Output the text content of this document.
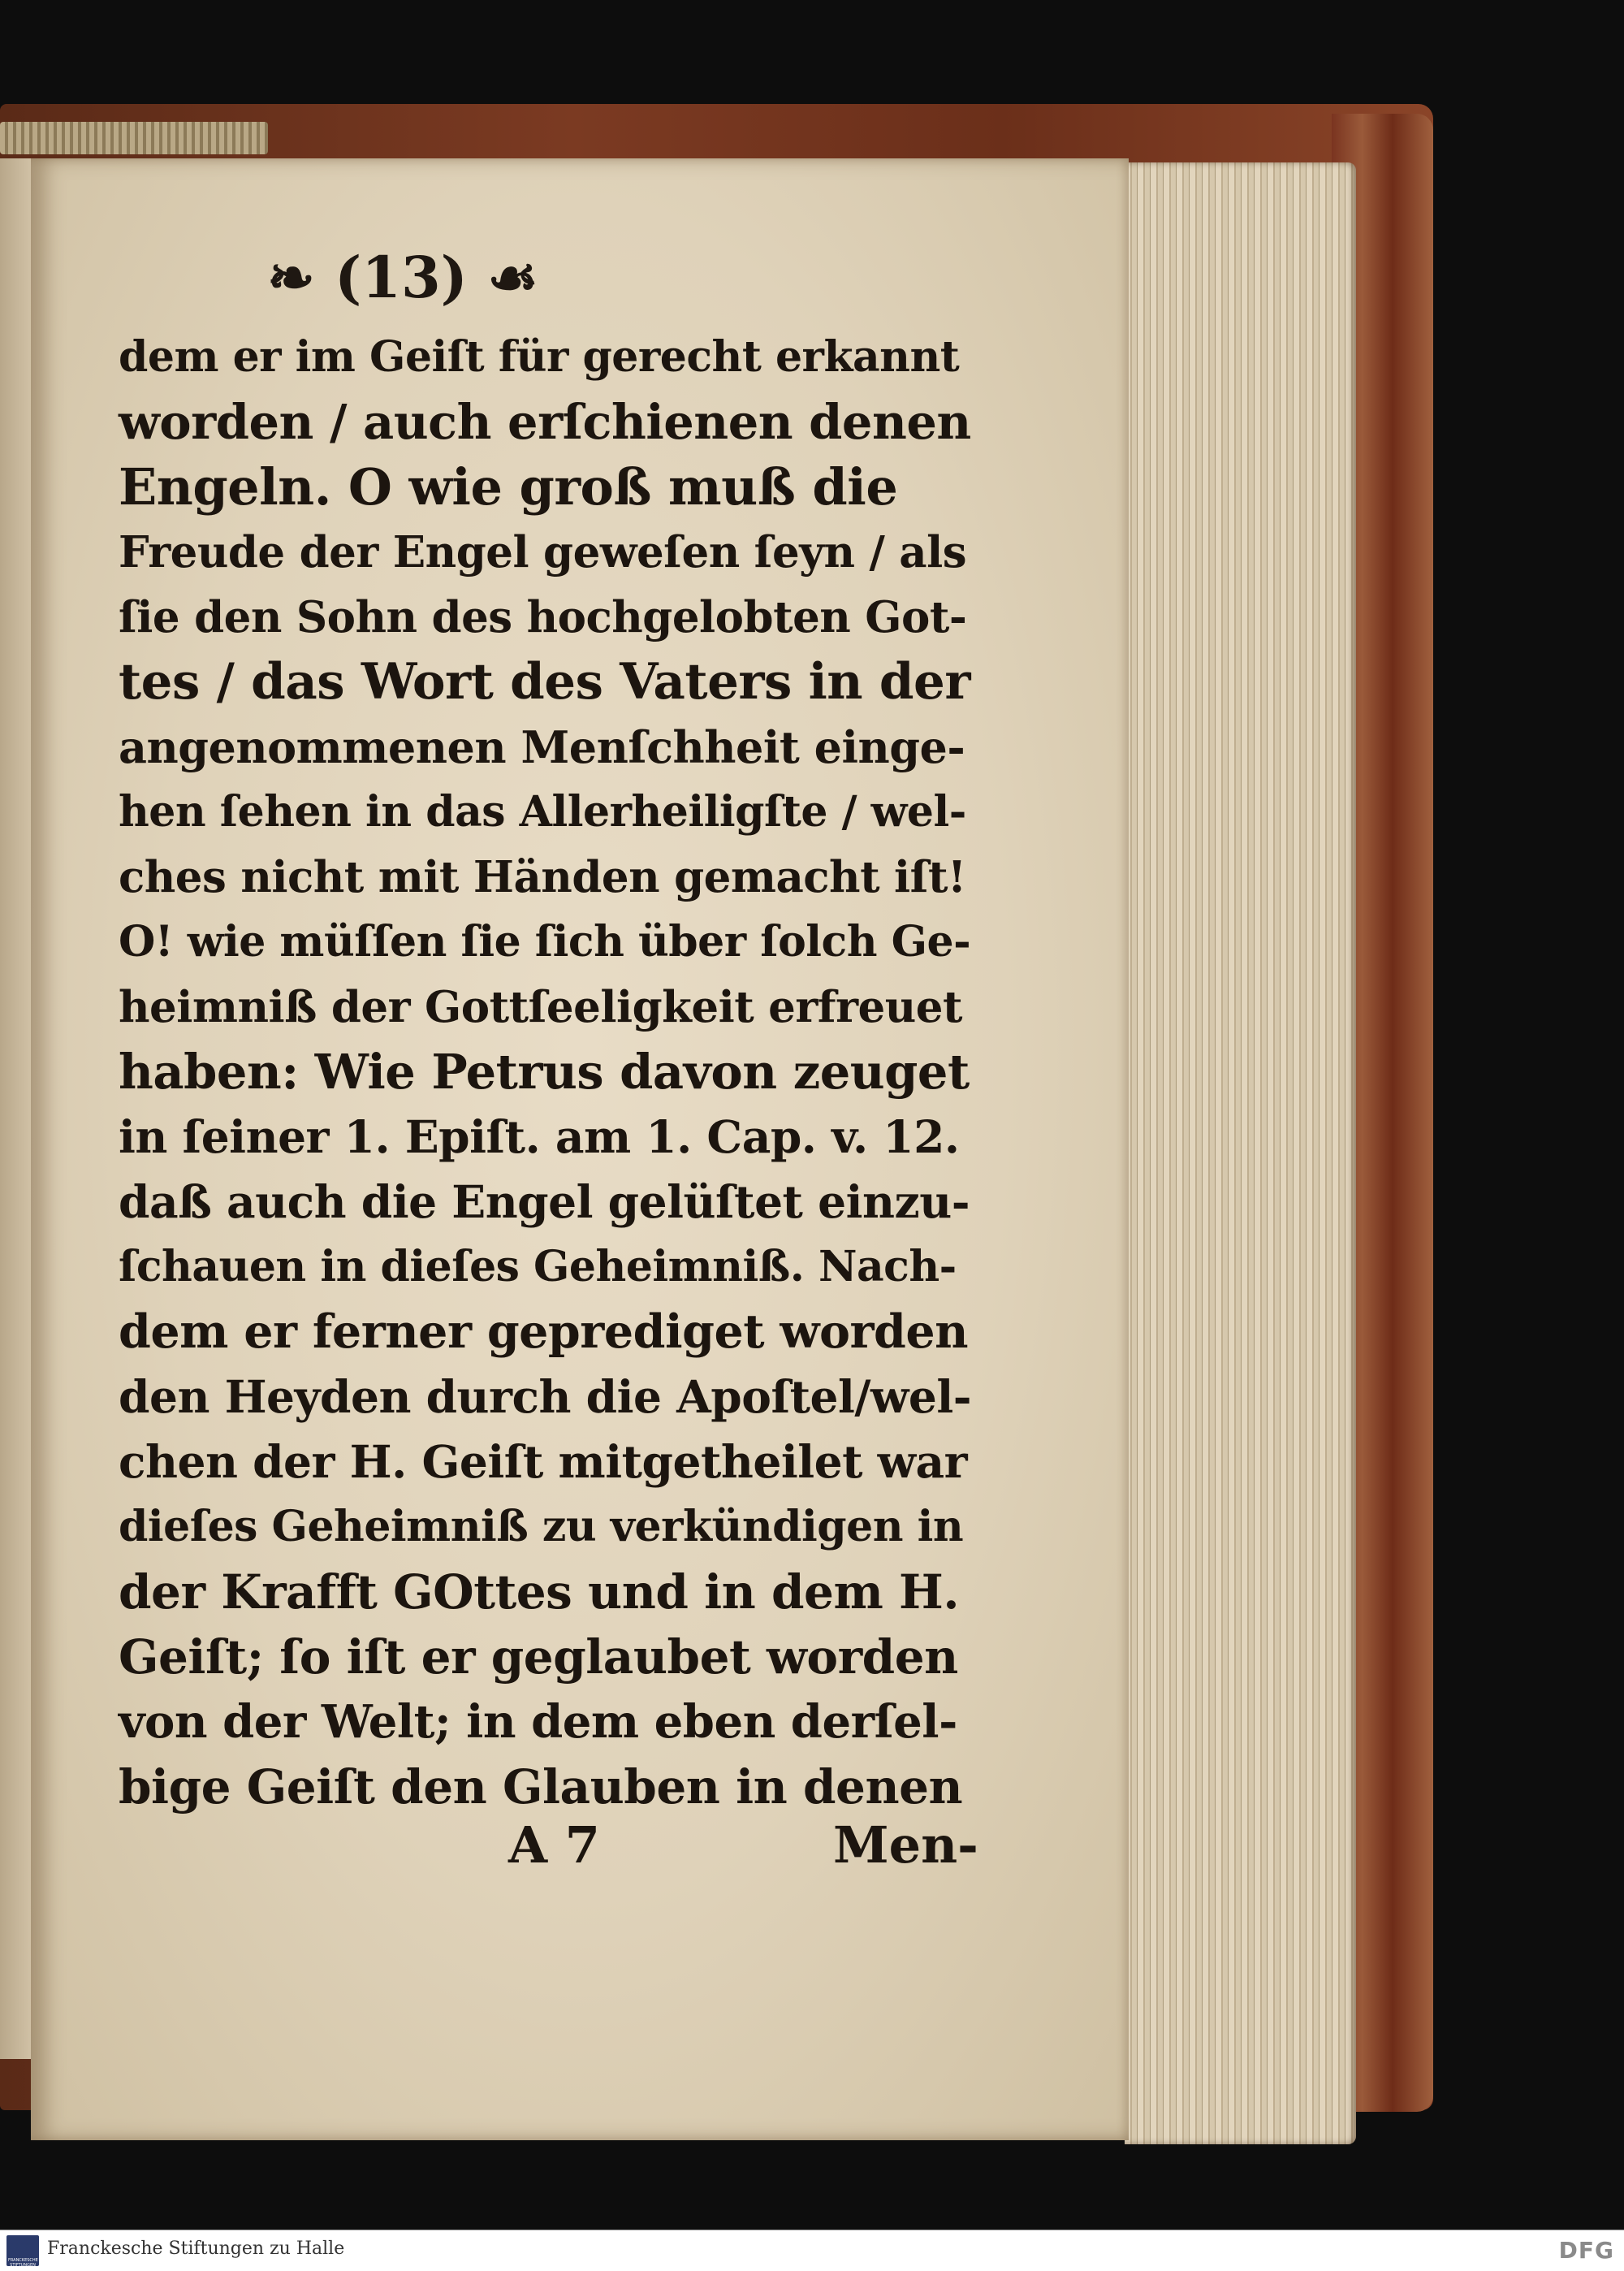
❧ (13) ☙
dem er im Geiſt für gerecht erkannt
worden / auch erſchienen denen
Engeln. O wie groß muß die
Freude der Engel geweſen ſeyn / als
ſie den Sohn des hochgelobten Got-
tes / das Wort des Vaters in der
angenommenen Menſchheit einge-
hen ſehen in das Allerheiligſte / wel-
ches nicht mit Händen gemacht iſt!
O! wie müſſen ſie ſich über ſolch Ge-
heimniß der Gottſeeligkeit erfreuet
haben: Wie Petrus davon zeuget
in ſeiner 1. Epiſt. am 1. Cap. v. 12.
daß auch die Engel gelüſtet einzu-
ſchauen in dieſes Geheimniß. Nach-
dem er ferner geprediget worden
den Heyden durch die Apoſtel/wel-
chen der H. Geiſt mitgetheilet war
dieſes Geheimniß zu verkündigen in
der Krafft GOttes und in dem H.
Geiſt; ſo iſt er geglaubet worden
von der Welt; in dem eben derſel-
bige Geiſt den Glauben in denen
A 7	Men-
FRANCKESCHE STIFTUNGEN
Franckesche Stiftungen zu Halle	DFG
